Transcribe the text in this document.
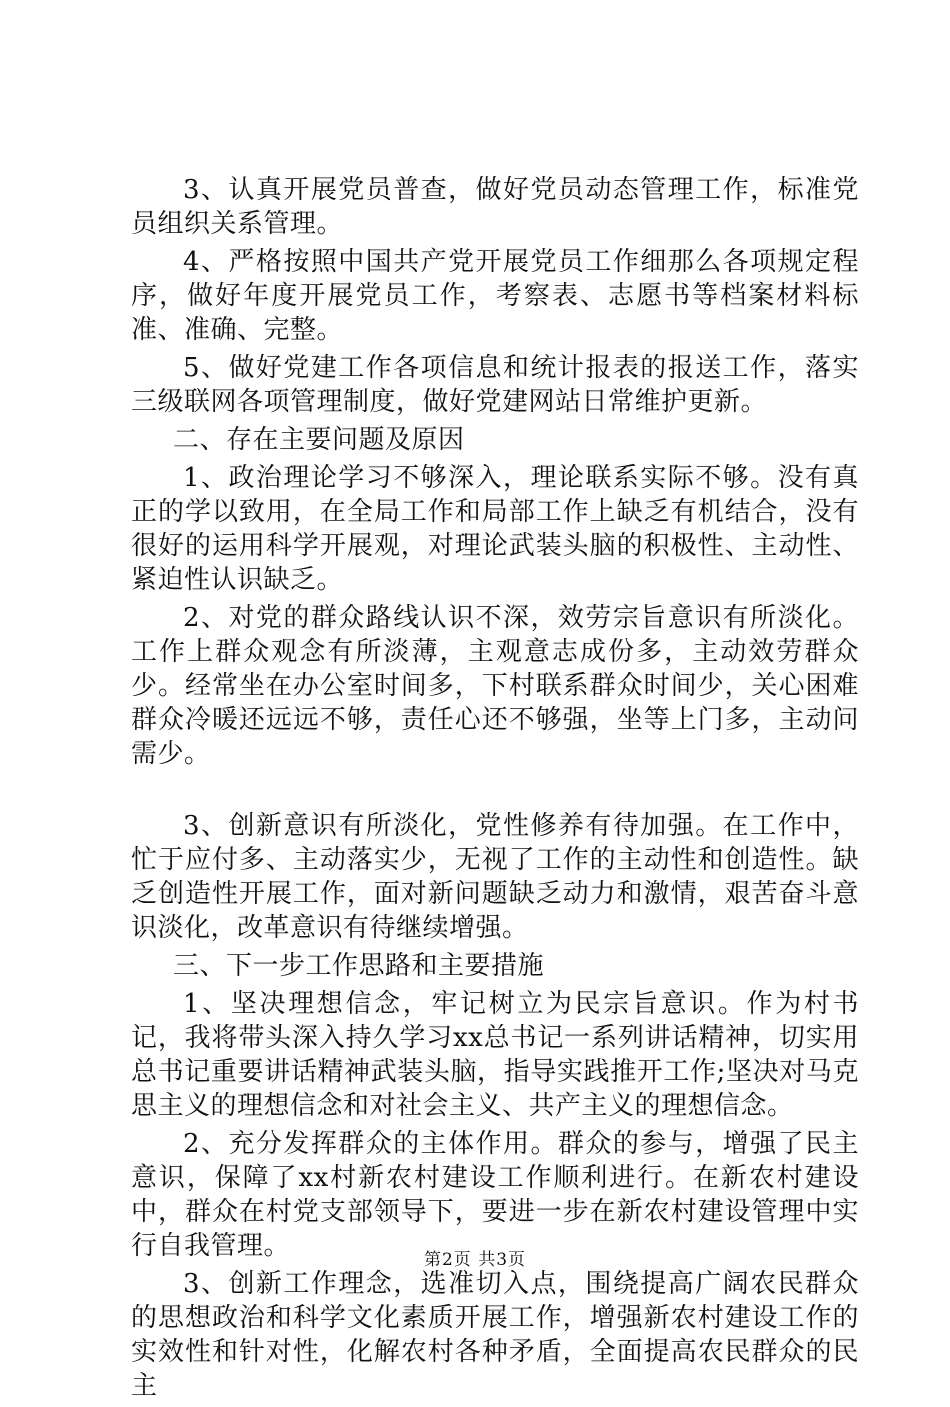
3、认真开展党员普查，做好党员动态管理工作，标准党员组织关系管理。

4、严格按照中国共产党开展党员工作细那么各项规定程序，做好年度开展党员工作，考察表、志愿书等档案材料标准、准确、完整。

5、做好党建工作各项信息和统计报表的报送工作，落实三级联网各项管理制度，做好党建网站日常维护更新。

二、存在主要问题及原因

1、政治理论学习不够深入，理论联系实际不够。没有真正的学以致用，在全局工作和局部工作上缺乏有机结合，没有很好的运用科学开展观，对理论武装头脑的积极性、主动性、紧迫性认识缺乏。

2、对党的群众路线认识不深，效劳宗旨意识有所淡化。工作上群众观念有所淡薄，主观意志成份多，主动效劳群众少。经常坐在办公室时间多，下村联系群众时间少，关心困难群众冷暖还远远不够，责任心还不够强，坐等上门多，主动问需少。

3、创新意识有所淡化，党性修养有待加强。在工作中，忙于应付多、主动落实少，无视了工作的主动性和创造性。缺乏创造性开展工作，面对新问题缺乏动力和激情，艰苦奋斗意识淡化，改革意识有待继续增强。

三、下一步工作思路和主要措施

1、坚决理想信念，牢记树立为民宗旨意识。作为村书记，我将带头深入持久学习xx总书记一系列讲话精神，切实用总书记重要讲话精神武装头脑，指导实践推开工作;坚决对马克思主义的理想信念和对社会主义、共产主义的理想信念。

2、充分发挥群众的主体作用。群众的参与，增强了民主意识，保障了xx村新农村建设工作顺利进行。在新农村建设中，群众在村党支部领导下，要进一步在新农村建设管理中实行自我管理。

3、创新工作理念，选准切入点，围绕提高广阔农民群众的思想政治和科学文化素质开展工作，增强新农村建设工作的实效性和针对性，化解农村各种矛盾，全面提高农民群众的民主

第2页 共3页
